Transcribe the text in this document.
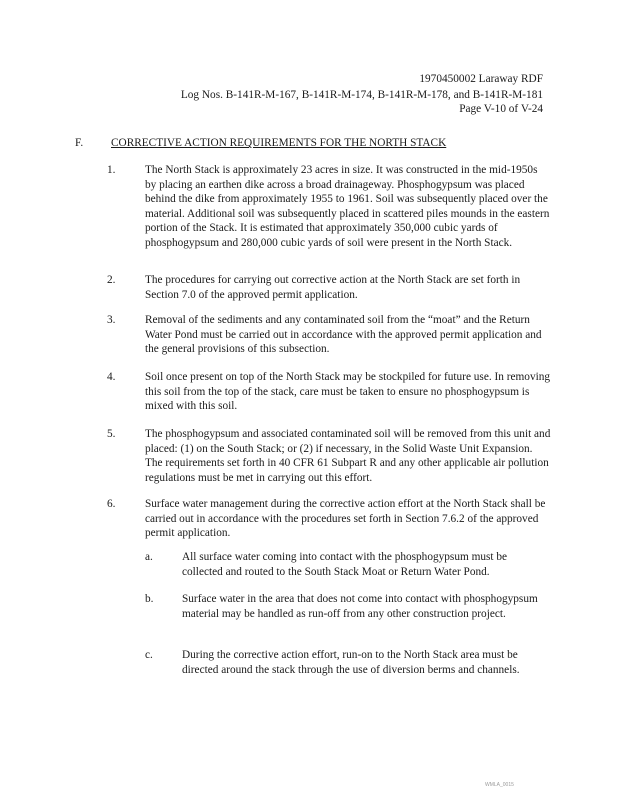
1970450002 Laraway RDF
Log Nos. B-141R-M-167, B-141R-M-174, B-141R-M-178, and B-141R-M-181
Page V-10 of V-24
F. CORRECTIVE ACTION REQUIREMENTS FOR THE NORTH STACK
1.	The North Stack is approximately 23 acres in size. It was constructed in the mid-1950s by placing an earthen dike across a broad drainageway. Phosphogypsum was placed behind the dike from approximately 1955 to 1961. Soil was subsequently placed over the material. Additional soil was subsequently placed in scattered piles mounds in the eastern portion of the Stack. It is estimated that approximately 350,000 cubic yards of phosphogypsum and 280,000 cubic yards of soil were present in the North Stack.
2.	The procedures for carrying out corrective action at the North Stack are set forth in Section 7.0 of the approved permit application.
3.	Removal of the sediments and any contaminated soil from the “moat” and the Return Water Pond must be carried out in accordance with the approved permit application and the general provisions of this subsection.
4.	Soil once present on top of the North Stack may be stockpiled for future use. In removing this soil from the top of the stack, care must be taken to ensure no phosphogypsum is mixed with this soil.
5.	The phosphogypsum and associated contaminated soil will be removed from this unit and placed: (1) on the South Stack; or (2) if necessary, in the Solid Waste Unit Expansion. The requirements set forth in 40 CFR 61 Subpart R and any other applicable air pollution regulations must be met in carrying out this effort.
6.	Surface water management during the corrective action effort at the North Stack shall be carried out in accordance with the procedures set forth in Section 7.6.2 of the approved permit application.
a.	All surface water coming into contact with the phosphogypsum must be collected and routed to the South Stack Moat or Return Water Pond.
b.	Surface water in the area that does not come into contact with phosphogypsum material may be handled as run-off from any other construction project.
c.	During the corrective action effort, run-on to the North Stack area must be directed around the stack through the use of diversion berms and channels.
WMLA_0015
